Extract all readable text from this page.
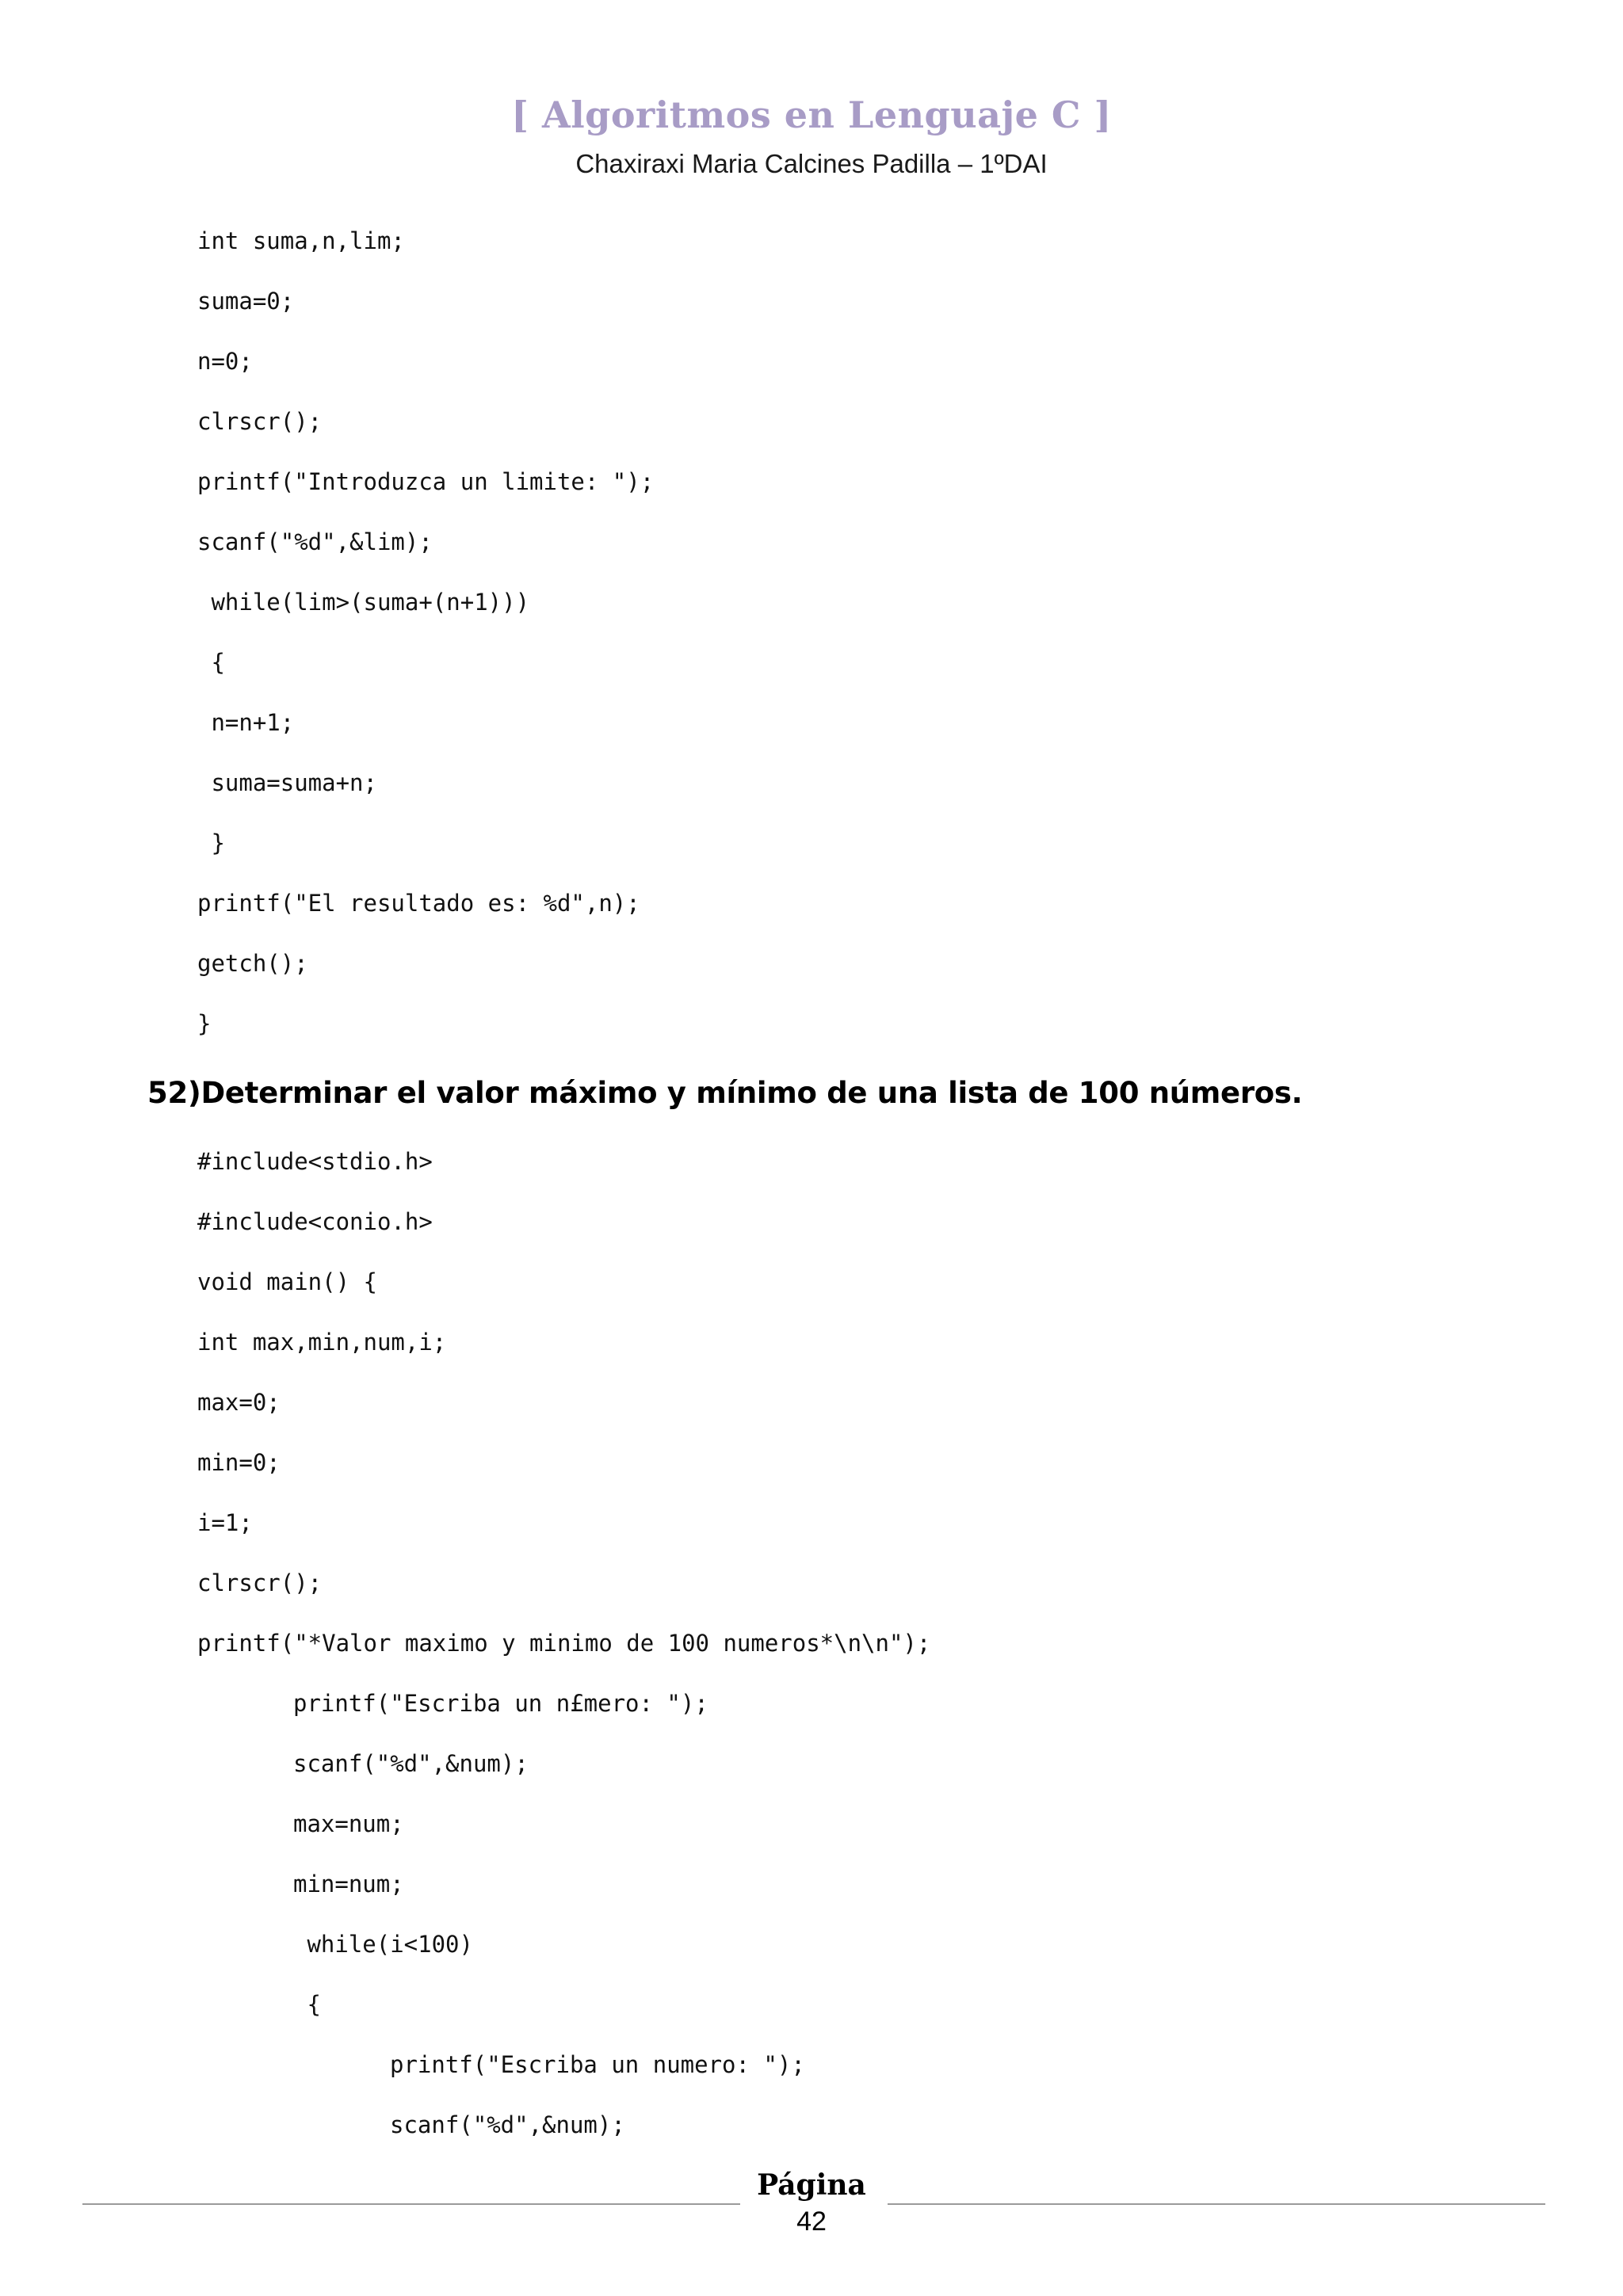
[ Algoritmos en Lenguaje C ]
Chaxiraxi Maria Calcines Padilla – 1ºDAI
int suma,n,lim;
suma=0;
n=0;
clrscr();
printf("Introduzca un limite: ");
scanf("%d",&lim);
while(lim>(suma+(n+1)))
{
n=n+1;
suma=suma+n;
}
printf("El resultado es: %d",n);
getch();
}
52)Determinar el valor máximo y mínimo de una lista de 100 números.
#include<stdio.h>
#include<conio.h>
void main() {
int max,min,num,i;
max=0;
min=0;
i=1;
clrscr();
printf("*Valor maximo y minimo de 100 numeros*\n\n");
printf("Escriba un n£mero: ");
scanf("%d",&num);
max=num;
min=num;
while(i<100)
{
printf("Escriba un numero: ");
scanf("%d",&num);
Página
42
